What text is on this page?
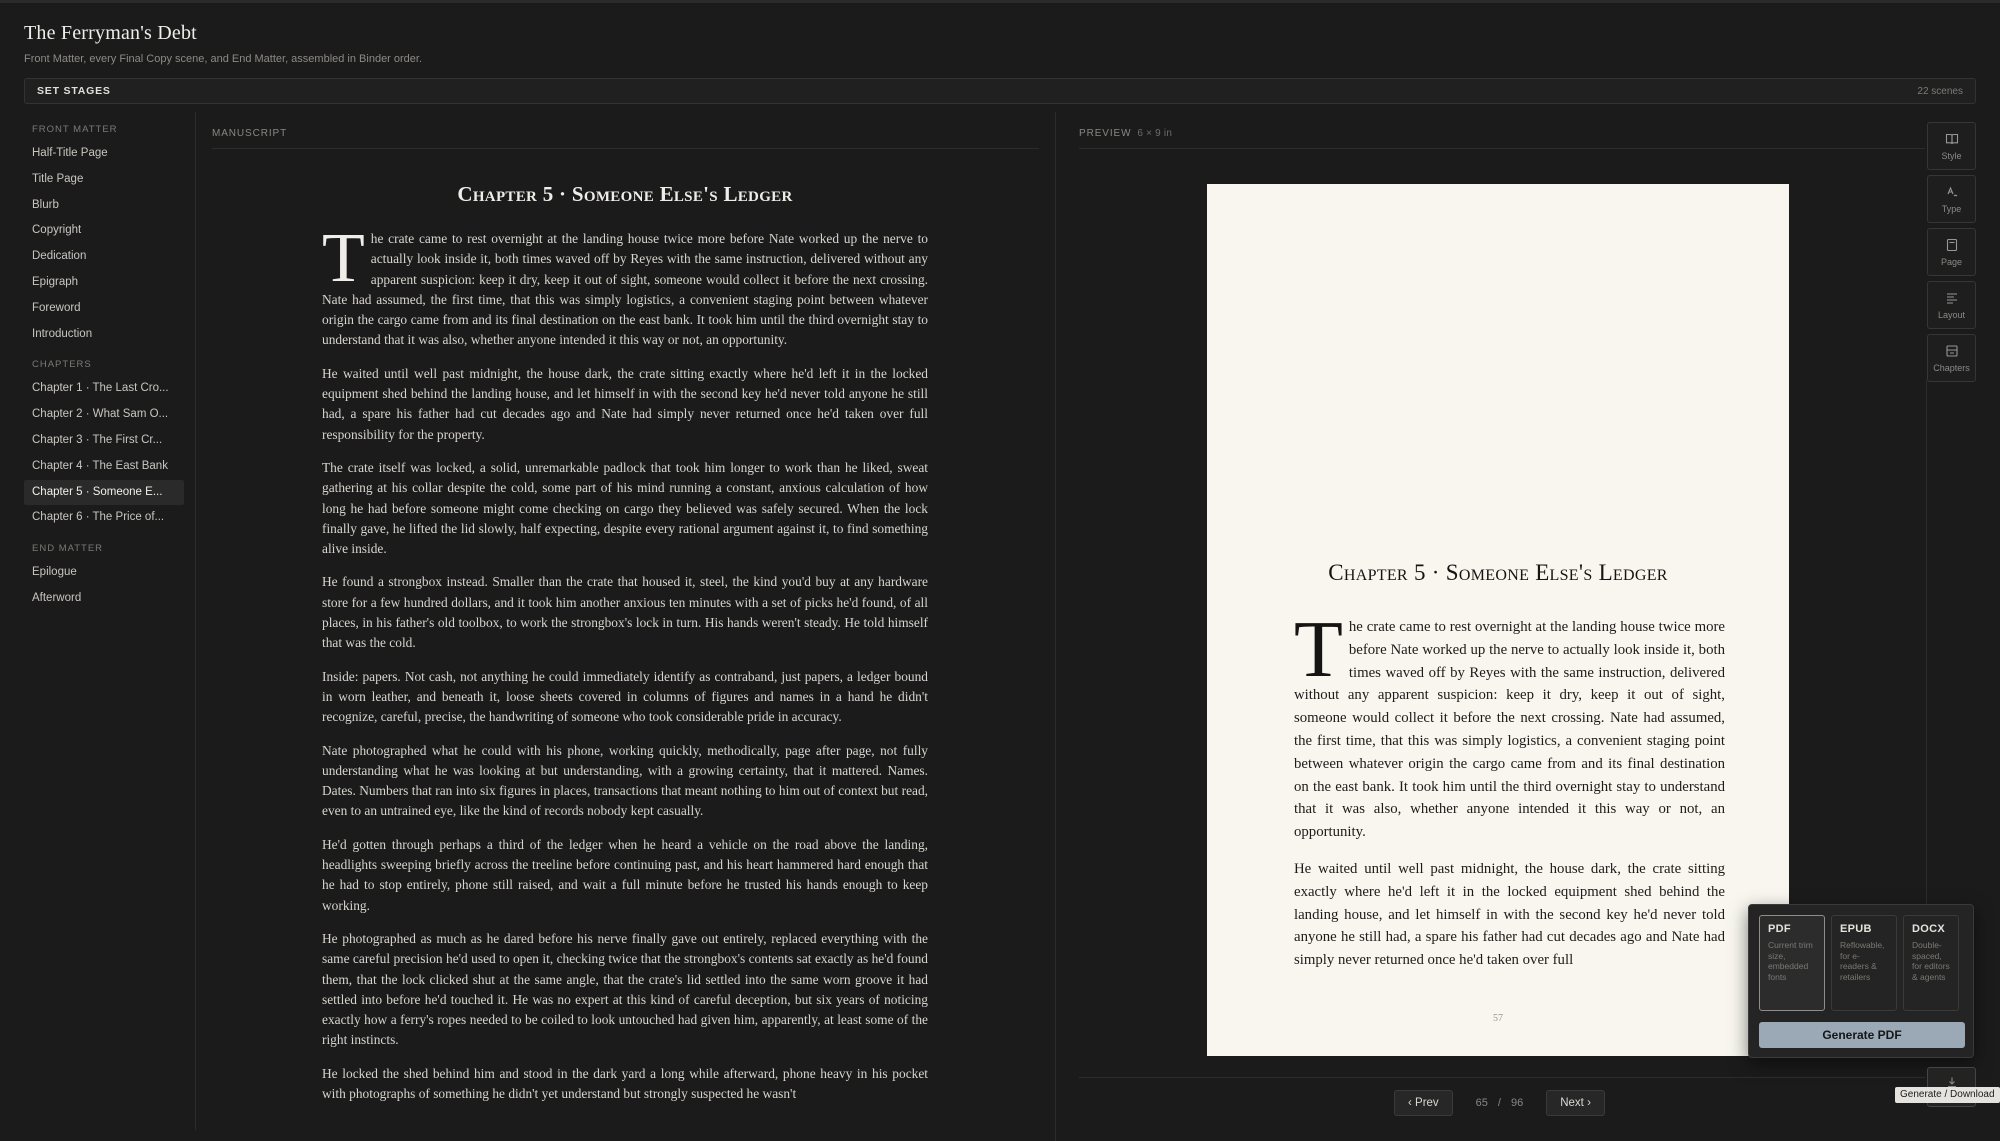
The Ferryman's Debt
Front Matter, every Final Copy scene, and End Matter, assembled in Binder order.
SET STAGES	22 scenes
FRONT MATTER
Half-Title Page
Title Page
Blurb
Copyright
Dedication
Epigraph
Foreword
Introduction
CHAPTERS
Chapter 1 · The Last Cro...
Chapter 2 · What Sam O...
Chapter 3 · The First Cr...
Chapter 4 · The East Bank
Chapter 5 · Someone E...
Chapter 6 · The Price of...
END MATTER
Epilogue
Afterword
MANUSCRIPT
Chapter 5 · Someone Else's Ledger

The crate came to rest overnight at the landing house twice more before Nate worked up the nerve to actually look inside it, both times waved off by Reyes with the same instruction, delivered without any apparent suspicion: keep it dry, keep it out of sight, someone would collect it before the next crossing. Nate had assumed, the first time, that this was simply logistics, a convenient staging point between whatever origin the cargo came from and its final destination on the east bank. It took him until the third overnight stay to understand that it was also, whether anyone intended it this way or not, an opportunity.

He waited until well past midnight, the house dark, the crate sitting exactly where he'd left it in the locked equipment shed behind the landing house, and let himself in with the second key he'd never told anyone he still had, a spare his father had cut decades ago and Nate had simply never returned once he'd taken over full responsibility for the property.

The crate itself was locked, a solid, unremarkable padlock that took him longer to work than he liked, sweat gathering at his collar despite the cold, some part of his mind running a constant, anxious calculation of how long he had before someone might come checking on cargo they believed was safely secured. When the lock finally gave, he lifted the lid slowly, half expecting, despite every rational argument against it, to find something alive inside.

He found a strongbox instead. Smaller than the crate that housed it, steel, the kind you'd buy at any hardware store for a few hundred dollars, and it took him another anxious ten minutes with a set of picks he'd found, of all places, in his father's old toolbox, to work the strongbox's lock in turn. His hands weren't steady. He told himself that was the cold.

Inside: papers. Not cash, not anything he could immediately identify as contraband, just papers, a ledger bound in worn leather, and beneath it, loose sheets covered in columns of figures and names in a hand he didn't recognize, careful, precise, the handwriting of someone who took considerable pride in accuracy.

Nate photographed what he could with his phone, working quickly, methodically, page after page, not fully understanding what he was looking at but understanding, with a growing certainty, that it mattered. Names. Dates. Numbers that ran into six figures in places, transactions that meant nothing to him out of context but read, even to an untrained eye, like the kind of records nobody kept casually.

He'd gotten through perhaps a third of the ledger when he heard a vehicle on the road above the landing, headlights sweeping briefly across the treeline before continuing past, and his heart hammered hard enough that he had to stop entirely, phone still raised, and wait a full minute before he trusted his hands enough to keep working.

He photographed as much as he dared before his nerve finally gave out entirely, replaced everything with the same careful precision he'd used to open it, checking twice that the strongbox's contents sat exactly as he'd found them, that the lock clicked shut at the same angle, that the crate's lid settled into the same worn groove it had settled into before he'd touched it. He was no expert at this kind of careful deception, but six years of noticing exactly how a ferry's ropes needed to be coiled to look untouched had given him, apparently, at least some of the right instincts.

He locked the shed behind him and stood in the dark yard a long while afterward, phone heavy in his pocket with photographs of something he didn't yet understand but strongly suspected he wasn't

PREVIEW 6 × 9 in
Chapter 5 · Someone Else's Ledger

The crate came to rest overnight at the landing house twice more before Nate worked up the nerve to actually look inside it, both times waved off by Reyes with the same instruction, delivered without any apparent suspicion: keep it dry, keep it out of sight, someone would collect it before the next crossing. Nate had assumed, the first time, that this was simply logistics, a convenient staging point between whatever origin the cargo came from and its final destination on the east bank. It took him until the third overnight stay to understand that it was also, whether anyone intended it this way or not, an opportunity.

He waited until well past midnight, the house dark, the crate sitting exactly where he'd left it in the locked equipment shed behind the landing house, and let himself in with the second key he'd never told anyone he still had, a spare his father had cut decades ago and Nate had simply never returned once he'd taken over full

57
‹ Prev	65 / 96	Next ›
Style
Type
Page
Layout
Chapters
PDF
Current trim size, embedded fonts
EPUB
Reflowable, for e-readers & retailers
DOCX
Double-spaced, for editors & agents
Generate PDF
Generate / Download
